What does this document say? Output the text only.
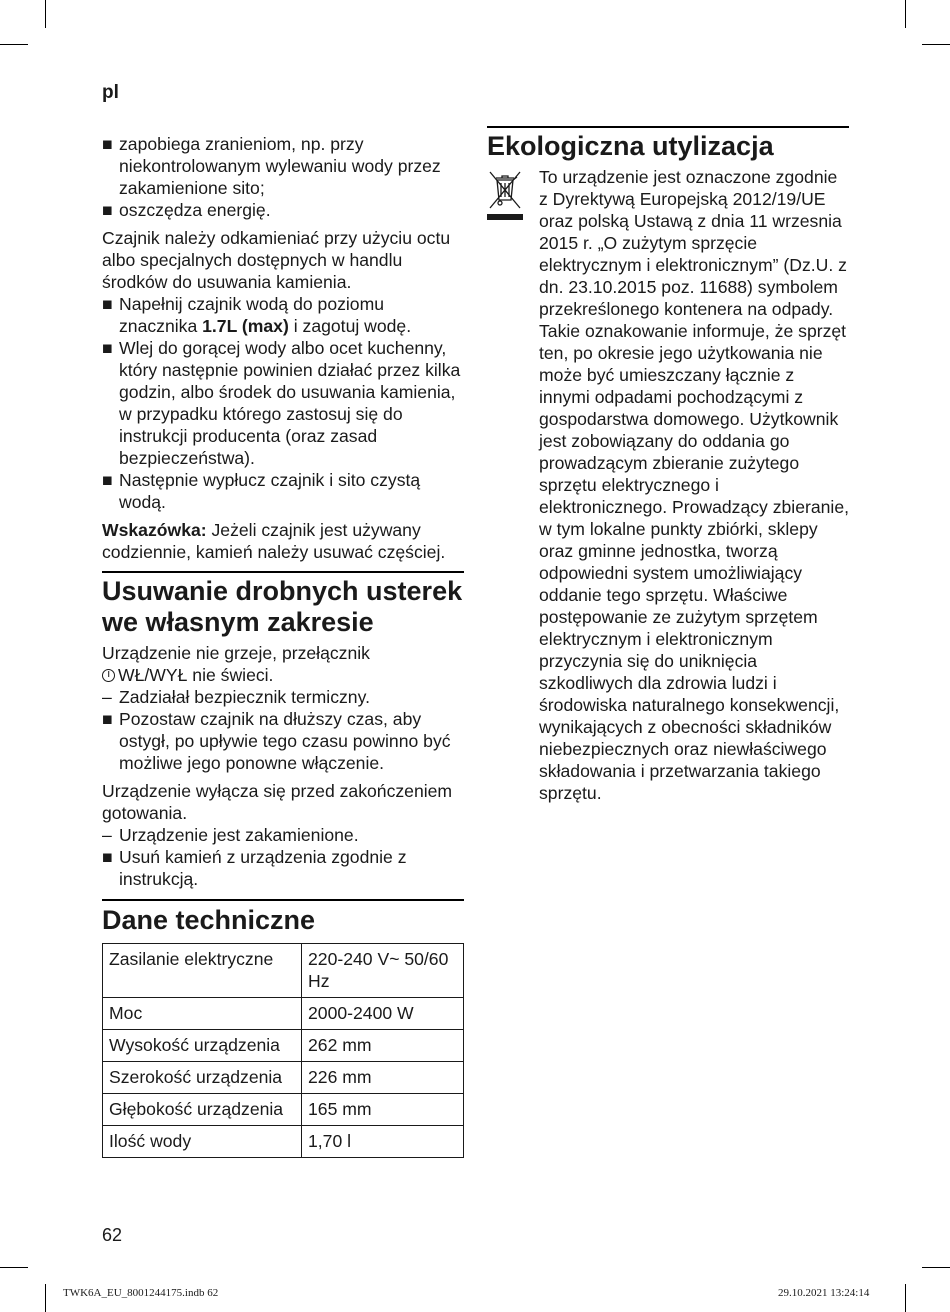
pl
■ zapobiega zranieniom, np. przy niekontrolowanym wylewaniu wody przez zakamienione sito;
■ oszczędza energię.

Czajnik należy odkamieniać przy użyciu octu albo specjalnych dostępnych w handlu środków do usuwania kamienia.

■ Napełnij czajnik wodą do poziomu znacznika 1.7L (max) i zagotuj wodę.
■ Wlej do gorącej wody albo ocet kuchenny, który następnie powinien działać przez kilka godzin, albo środek do usuwania kamienia, w przypadku którego zastosuj się do instrukcji producenta (oraz zasad bezpieczeństwa).
■ Następnie wypłucz czajnik i sito czystą wodą.

Wskazówka: Jeżeli czajnik jest używany codziennie, kamień należy usuwać częściej.

Usuwanie drobnych usterek we własnym zakresie

Urządzenie nie grzeje, przełącznik

WŁ/WYŁ nie świeci.

– Zadziałał bezpiecznik termiczny.
■ Pozostaw czajnik na dłuższy czas, aby ostygł, po upływie tego czasu powinno być możliwe jego ponowne włączenie.

Urządzenie wyłącza się przed zakończeniem gotowania.

– Urządzenie jest zakamienione.
■ Usuń kamień z urządzenia zgodnie z instrukcją.
Dane techniczne
Zasilanie elektryczne	220-240 V~ 50/60 Hz
Moc	2000-2400 W
Wysokość urządzenia	262 mm
Szerokość urządzenia	226 mm
Głębokość urządzenia	165 mm
Ilość wody	1,70 l
Ekologiczna utylizacja

To urządzenie jest oznaczone zgodnie z Dyrektywą Europejską 2012/19/UE oraz polską Ustawą z dnia 11 wrzesnia 2015 r. „O zużytym sprzęcie elektrycznym i elektronicznym” (Dz.U. z dn. 23.10.2015 poz. 11688) symbolem przekreślonego kontenera na odpady. Takie oznakowanie informuje, że sprzęt ten, po okresie jego użytkowania nie może być umieszczany łącznie z innymi odpadami pochodzącymi z gospodarstwa domowego. Użytkownik jest zobowiązany do oddania go prowadzącym zbieranie zużytego sprzętu elektrycznego i elektronicznego. Prowadzący zbieranie, w tym lokalne punkty zbiórki, sklepy oraz gminne jednostka, tworzą odpowiedni system umożliwiający oddanie tego sprzętu. Właściwe postępowanie ze zużytym sprzętem elektrycznym i elektronicznym przyczynia się do uniknięcia szkodliwych dla zdrowia ludzi i środowiska naturalnego konsekwencji, wynikających z obecności składników niebezpiecznych oraz niewłaściwego składowania i przetwarzania takiego sprzętu.

62
TWK6A_EU_8001244175.indb 62	29.10.2021 13:24:14
